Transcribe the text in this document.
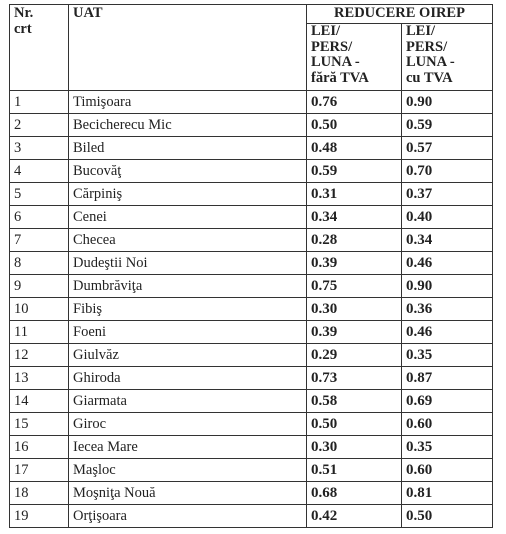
Nr.
crt	UAT	REDUCERE OIREP	

		LEI/
PERS/
LUNA -
fără TVA	LEI/
PERS/
LUNA -
cu TVA

1	Timişoara	0.76	0.90
2	Becicherecu Mic	0.50	0.59
3	Biled	0.48	0.57
4	Bucovăţ	0.59	0.70
5	Cărpiniş	0.31	0.37
6	Cenei	0.34	0.40
7	Checea	0.28	0.34
8	Dudeştii Noi	0.39	0.46
9	Dumbrăviţa	0.75	0.90
10	Fibiş	0.30	0.36
11	Foeni	0.39	0.46
12	Giulvăz	0.29	0.35
13	Ghiroda	0.73	0.87
14	Giarmata	0.58	0.69
15	Giroc	0.50	0.60
16	Iecea Mare	0.30	0.35
17	Maşloc	0.51	0.60
18	Moşniţa Nouă	0.68	0.81
19	Orţişoara	0.42	0.50
